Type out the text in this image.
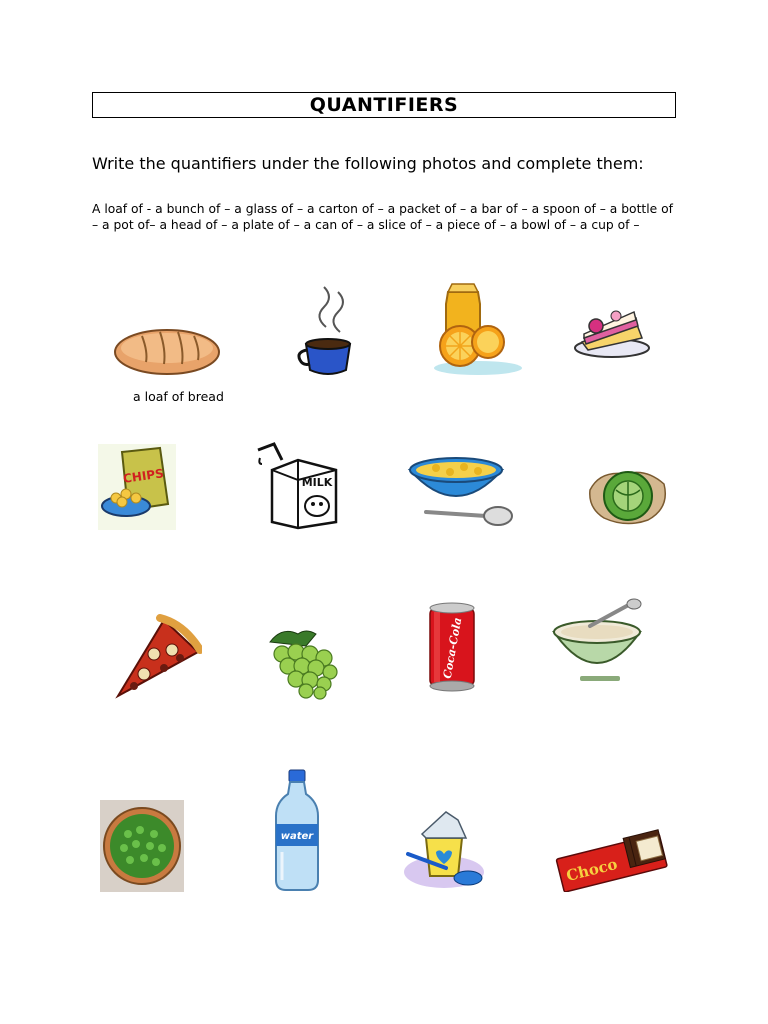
QUANTIFIERS
Write the quantifiers under the following photos and complete them:
A loaf of - a bunch of – a glass of – a carton of – a packet of – a bar of – a spoon of – a bottle of – a pot of– a head of – a plate of – a can of – a slice of – a piece of – a bowl of – a cup of –
a loaf of bread
CHIPS	MILK
Coca-Cola
water
Choco
